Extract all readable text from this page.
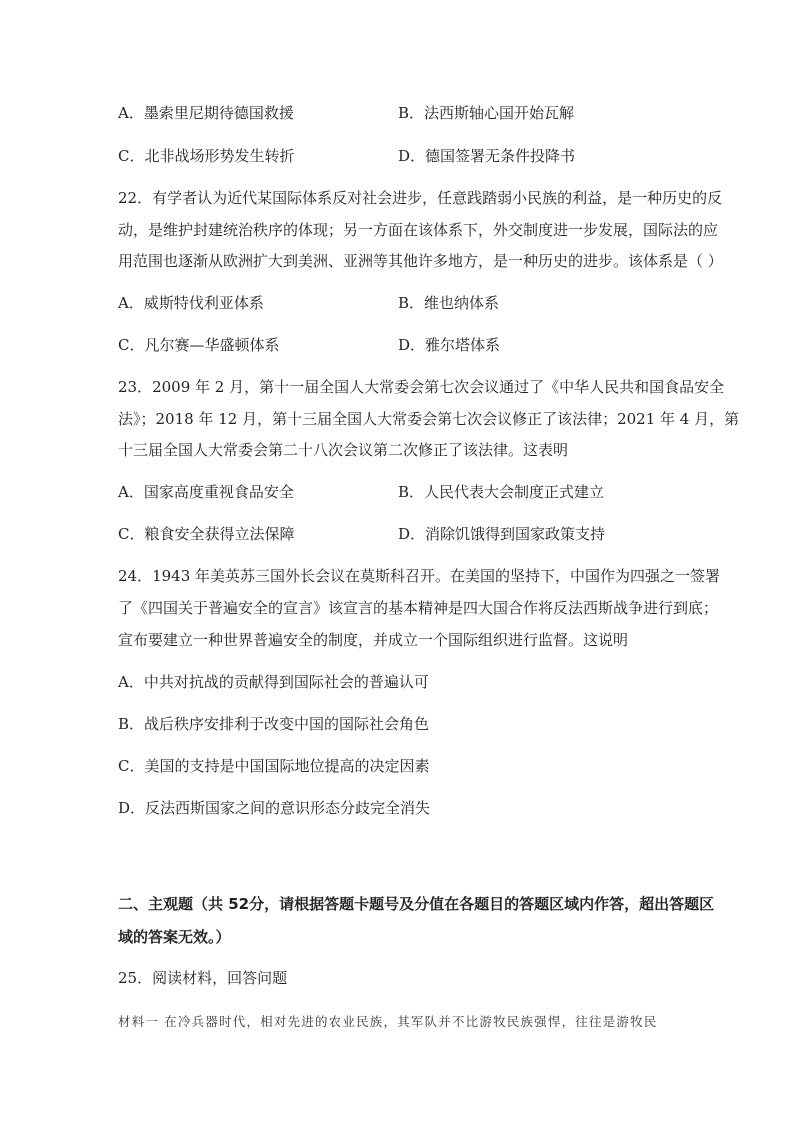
A．墨索里尼期待德国救援	B．法西斯轴心国开始瓦解
C．北非战场形势发生转折	D．德国签署无条件投降书
22．有学者认为近代某国际体系反对社会进步，任意践踏弱小民族的利益，是一种历史的反
动，是维护封建统治秩序的体现；另一方面在该体系下，外交制度进一步发展，国际法的应
用范围也逐渐从欧洲扩大到美洲、亚洲等其他许多地方，是一种历史的进步。该体系是（ ）
A．威斯特伐利亚体系	B．维也纳体系
C．凡尔赛—华盛顿体系	D．雅尔塔体系
23．2009 年 2 月，第十一届全国人大常委会第七次会议通过了《中华人民共和国食品安全
法》；2018 年 12 月，第十三届全国人大常委会第七次会议修正了该法律；2021 年 4 月，第
十三届全国人大常委会第二十八次会议第二次修正了该法律。这表明
A．国家高度重视食品安全	B．人民代表大会制度正式建立
C．粮食安全获得立法保障	D．消除饥饿得到国家政策支持
24．1943 年美英苏三国外长会议在莫斯科召开。在美国的坚持下，中国作为四强之一签署
了《四国关于普遍安全的宣言》该宣言的基本精神是四大国合作将反法西斯战争进行到底；
宣布要建立一种世界普遍安全的制度，并成立一个国际组织进行监督。这说明
A．中共对抗战的贡献得到国际社会的普遍认可
B．战后秩序安排利于改变中国的国际社会角色
C．美国的支持是中国国际地位提高的决定因素
D．反法西斯国家之间的意识形态分歧完全消失
二、主观题（共 52分，请根据答题卡题号及分值在各题目的答题区域内作答，超出答题区
域的答案无效。）
25．阅读材料，回答问题
材料一 在冷兵器时代，相对先进的农业民族，其军队并不比游牧民族强悍，往往是游牧民
